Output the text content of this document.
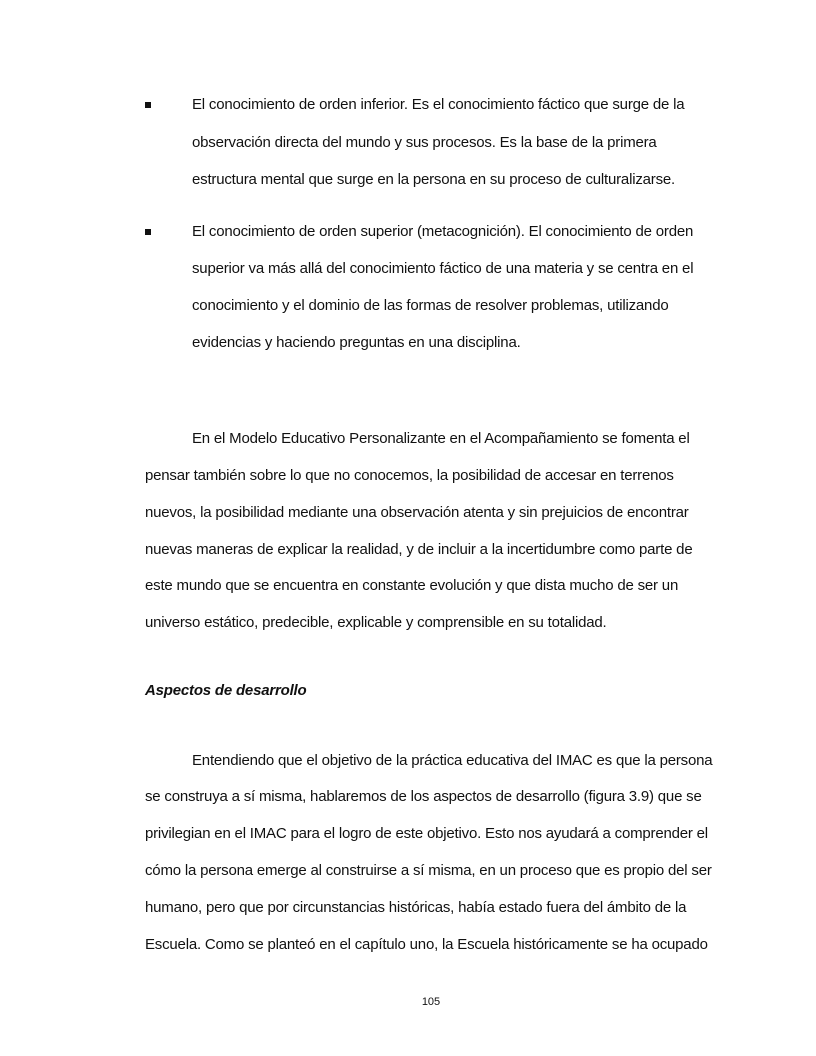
El conocimiento de orden inferior. Es el conocimiento fáctico que surge de la
observación directa del mundo y sus procesos. Es la base de la primera
estructura mental que surge en la persona en su proceso de culturalizarse.
El conocimiento de orden superior (metacognición). El conocimiento de orden
superior va más allá del conocimiento fáctico de una materia y se centra en el
conocimiento y el dominio de las formas de resolver problemas, utilizando
evidencias y haciendo preguntas en una disciplina.
En el Modelo Educativo Personalizante en el Acompañamiento se fomenta el
pensar también sobre lo que no conocemos, la posibilidad de accesar en terrenos
nuevos, la posibilidad mediante una observación atenta y sin prejuicios de encontrar
nuevas maneras de explicar la realidad, y de incluir a la incertidumbre como parte de
este mundo que se encuentra en constante evolución y que dista mucho de ser un
universo estático, predecible, explicable y comprensible en su totalidad.
Aspectos de desarrollo
Entendiendo que el objetivo de la práctica educativa del IMAC es que la persona
se construya a sí misma, hablaremos de los aspectos de desarrollo (figura 3.9) que se
privilegian en el IMAC para el logro de este objetivo. Esto nos ayudará a comprender el
cómo la persona emerge al construirse a sí misma, en un proceso que es propio del ser
humano, pero que por circunstancias históricas, había estado fuera del ámbito de la
Escuela. Como se planteó en el capítulo uno, la Escuela históricamente se ha ocupado
105
